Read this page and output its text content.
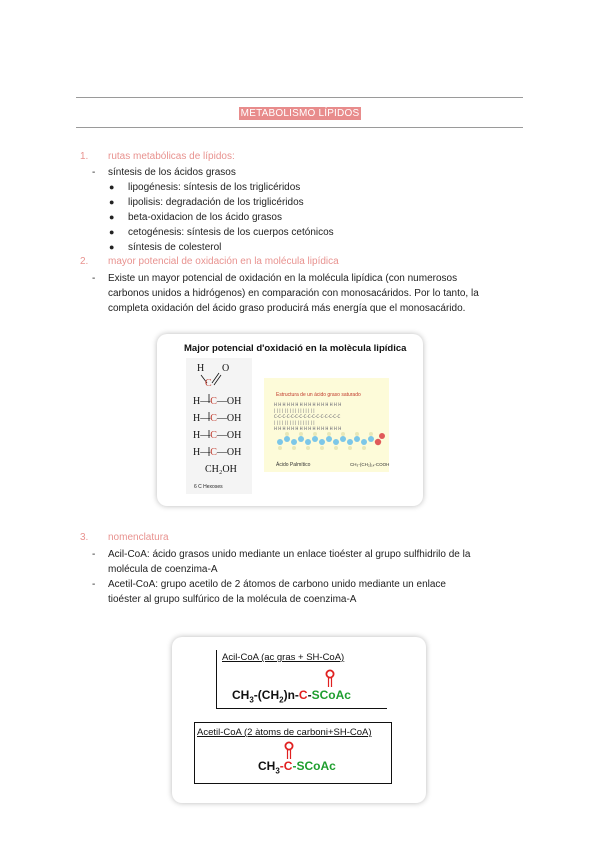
METABOLISMO LÍPIDOS
1. rutas metabólicas de lípidos:
- síntesis de los ácidos grasos
● lipogénesis: síntesis de los triglicéridos
● lipolisis: degradación de los triglicéridos
● beta-oxidacion de los ácido grasos
● cetogénesis: síntesis de los cuerpos cetónicos
● síntesis de colesterol
2. mayor potencial de oxidación en la molécula lipídica
- Existe un mayor potencial de oxidación en la molécula lipídica (con numerosos
carbonos unidos a hidrógenos) en comparación con monosacáridos. Por lo tanto, la
completa oxidación del ácido graso producirá más energía que el monosacárido.
Major potencial d'oxidació en la molècula lipídica
H O
C
H—C—OH
H—C—OH
H—C—OH
H—C—OH
CH₂OH
6 C Hexoses
Estructura de un ácido graso saturado
H H H H H H H H H H H H H H H H
| | | | | | | | | | | | | | | |
C-C-C-C-C-C-C-C-C-C-C-C-C-C-C-C
| | | | | | | | | | | | | | | |
H H H H H H H H H H H H H H H H
Ácido Palmítico	CH₃-(CH₂)₁₄-COOH
3. nomenclatura
- Acil-CoA: ácido grasos unido mediante un enlace tioéster al grupo sulfhidrilo de la
molécula de coenzima-A
- Acetil-CoA: grupo acetilo de 2 átomos de carbono unido mediante un enlace
tioéster al grupo sulfúrico de la molécula de coenzima-A
Acil-CoA (ac gras + SH-CoA)
$CH_3-(CH_2)n-C$-SCoAc
Acetil-CoA (2 àtoms de carboni+SH-CoA)
$CH_3-C$-SCoAc
